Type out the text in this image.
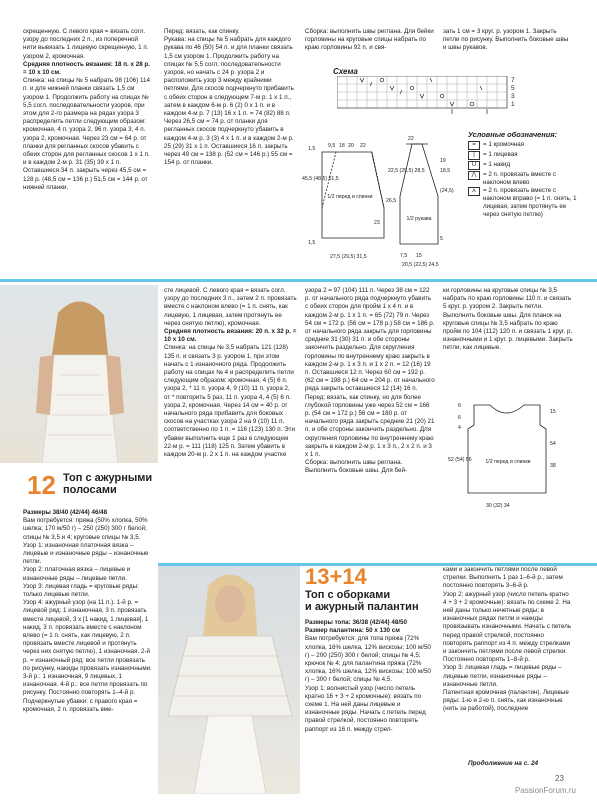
скрещенную. С левого края = вязать согл. узору до последних 2 п., из поперечной нити вывязать 1 лицевую скрещенную, 1 п. узором 2, кромочная.

Средняя плотность вязания: 18 п. х 28 р. = 10 х 10 см.

Спинка: на спицы № 5 набрать 98 (106) 114 п. и для нижней планки связать 1,5 см узором 1. Продолжить работу на спицах № 5,5 согл. последовательности узоров, при этом для 2-го размера на рядах узора 3 распределить петли следующим образом: кромочная, 4 п. узора 2, 96 п. узора 3, 4 п. узора 2, кромочная. Через 23 см = 64 р. от планки для регланных скосов убавить с обеих сторон для регланных скосов 1 х 1 п. и в каждом 2-м р. 31 (35) 39 х 1 п. Оставшиеся 34 п. закрыть через 45,5 см = 128 р. (48,5 см = 136 р.) 51,5 см = 144 р. от нижней планки.

Перед: вязать, как спинку.

Рукава: на спицы № 5 набрать для каждого рукава по 46 (50) 54 п. и для планки связать 1,5 см узором 1. Продолжить работу на спицах № 5,5 согл. последовательности узоров, но начать с 24 р. узора 2 и расположить узор 3 между крайними петлями. Для скосов подчеркнуто прибавить с обеих сторон в следующем 7-м р. 1 х 1 п., затем в каждом 6-м р. 6 (2) 0 х 1 п. и в каждом 4-м р. 7 (13) 16 х 1 п. = 74 (82) 88 п. Через 26,5 см = 74 р. от планки для регланных скосов подчеркнуто убавить в каждом 4-м р. 3 (3) 4 х 1 п. и в каждом 2-м р. 25 (29) 31 х 1 п. Оставшиеся 16 п. закрыть через 49 см = 138 р. (52 см = 146 р.) 55 см = 154 р. от планки.

Сборка: выполнить швы реглана. Для бейки горловины на круговые спицы набрать по краю горловины 92 п. и свя-

зать 1 см = 3 круг. р. узором 1. Закрыть петли по рисунку. Выполнить боковые швы и швы рукавов.

Схема
7
5
3
1
Условные обозначения:
=	= 1 кромочная
|	= 1 лицевая
U	= 1 накид
⋀	= 2 п. провязать вместе с наклоном влево
⋏	= 2 п. провязать вместе с наклоном вправо (= 1 п. снять, 1 лицевая, затем протянуть ее через снятую петлю)
1/2 перед и спинки
1/2 рукава
1,5 9,5 18 20 22
45,5 (48,5) 51,5
22,5 (25,5) 28,5
23
27,5 (29,5) 31,5
1,5
26,5
7,5 15
20,5 (22,5) 24,5
5
22
19
18,5
(24,5)
12 Топ с ажурными
полосами

Размеры 38/40 (42/44) 46/48

Вам потребуется: пряжа (50% хлопка, 50% шелка; 170 м/50 г) – 250 (250) 300 г белой; спицы № 3,5 и 4; круговые спицы № 3,5.

Узор 1: изнаночная платочная вязка – лицевые и изнаночные ряды – изнаночные петли.

Узор 2: платочная вязка – лицевые и изнаночные ряды – лицевые петли.

Узор 3: лицевая гладь = круговые ряды: только лицевые петли.

Узор 4: ажурный узор (на 11 п.). 1-й р. = лицевой ряд: 1 изнаночная, 3 п. провязать вместе лицевой, 3 х [1 накид, 1 лицевая], 1 накид, 3 п. провязать вместе с наклоном влево (= 1 п. снять, как лицевую, 2 п. провязать вместе лицевой и протянуть через них снятую петлю), 1 изнаночная. 2-й р. = изнаночный ряд: все петли провязать по рисунку, накиды провязать изнаночными. 3-й р.: 1 изнаночная, 9 лицевых, 1 изнаночная. 4-й р.: все петли провязать по рисунку. Постоянно повторять 1–4-й р.

Подчеркнутые убавки: с правого края = кромочная, 2 п. провязать вме-

сте лицевой. С левого края = вязать согл. узору до последних 3 п., затем 2 п. провязать вместе с наклоном влево (= 1 п. снять, как лицевую, 1 лицевая, затем протянуть ее через снятую петлю), кромочная.

Средняя плотность вязания: 20 п. х 32 р. = 10 х 10 см.

Спинка: на спицы № 3,5 набрать 121 (128) 135 п. и связать 3 р. узором 1, при этом начать с 1 изнаночного ряда. Продолжить работу на спицах № 4 и распределить петли следующим образом: кромочная, 4 (5) 6 п. узора 2, * 11 п. узора 4, 9 (10) 11 п. узора 2, от * повторить 5 раз, 11 п. узора 4, 4 (5) 6 п. узора 2, кромочная. Через 14 см = 40 р. от начального ряда прибавить для боковых скосов на участках узора 2 на 9 (10) 11 п. соответственно по 1 п. = 116 (123) 130 п. Эти убавки выполнить еще 1 раз в следующем 22-м р. = 111 (118) 125 п. Затем убавить в каждом 20-м р. 2 х 1 п. на каждом участке

узора 2 = 97 (104) 111 п. Через 38 см = 122 р. от начального ряда подчеркнуто убавить с обеих сторон для пройм 1 х 4 п. и в каждом 2-м р. 1 х 1 п. = 65 (72) 79 п. Через 54 см = 172 р. (56 см = 178 р.) 58 см = 186 р. от начального ряда закрыть для горловины средние 31 (30) 31 п. и обе стороны закончить раздельно. Для скругления горловины по внутреннему краю закрыть в каждом 2-м р. 1 х 3 п. и 1 х 2 п. = 12 (16) 19 п. Оставшиеся 12 п. Через 60 см = 192 р. (62 см = 198 р.) 64 см = 204 р. от начального ряда закрыть оставшиеся 12 (14) 16 п.

Перед: вязать, как спинку, но для более глубокой горловины уже через 52 см = 166 р. (54 см = 172 р.) 56 см = 180 р. от начального ряда закрыть средние 21 (20) 21 п. и обе стороны закончить раздельно. Для скругления горловины по внутреннему краю закрыть в каждом 2-м р. 1 х 3 п., 2 х 2 п. и 3 х 1 п.

Сборка: выполнить швы реглана. Выполнить боковые швы. Для бей-

ки горловины на круговые спицы № 3,5 набрать по краю горловины 110 п. и связать 5 круг. р. узором 2. Закрыть петли. Выполнить боковые швы. Для планок на круговые спицы № 3,5 набрать по краю пройм по 104 (112) 120 п. и связать 1 круг. р. изнаночными и 1 круг. р. лицевыми. Закрыть петли, как лицевые.

1/2 перед и спинки
6
6
4
52 (54) 56
54
15
38
30 (32) 34
13+14
Топ с оборками
и ажурный палантин

Размеры топа: 36/38 (42/44) 48/50

Размер палантина: 50 х 130 см

Вам потребуется: для топа пряжа (72% хлопка, 16% шелка, 12% вискозы; 100 м/50 г) – 200 (250) 300 г белой; спицы № 4,5; крючок № 4; для палантина пряжа (72% хлопка, 16% шелка, 12% вискозы; 100 м/50 г) – 300 г белой; спицы № 4,5.

Узор 1: волнистый узор (число петель кратно 16 + 3 + 2 кромочные): вязать по схеме 1. На ней даны лицевые и изнаночные ряды. Начать с петель перед правой стрелкой, постоянно повторять раппорт из 16 п. между стрел-

ками и закончить петлями после левой стрелки. Выполнить 1 раз 1–6-й р., затем постоянно повторять 3–6-й р.

Узор 2: ажурный узор (число петель кратно 4 + 3 + 2 кромочные): вязать по схеме 2. На ней даны только нечетные ряды; в изнаночных рядах петли и накиды провязывать изнаночными. Начать с петель перед правой стрелкой, постоянно повторять раппорт из 4 п. между стрелками и закончить петлями после левой стрелки. Постоянно повторять 1–8-й р.

Узор 3: лицевая гладь = лицевые ряды – лицевые петли, изнаночные ряды – изнаночные петли.

Патентная кромочная (палантин). Лицевые ряды: 1-ю и 2-ю п. снять, как изнаночные (нить за работой), последние

Продолжение на с. 24
23
PassionForum.ru
